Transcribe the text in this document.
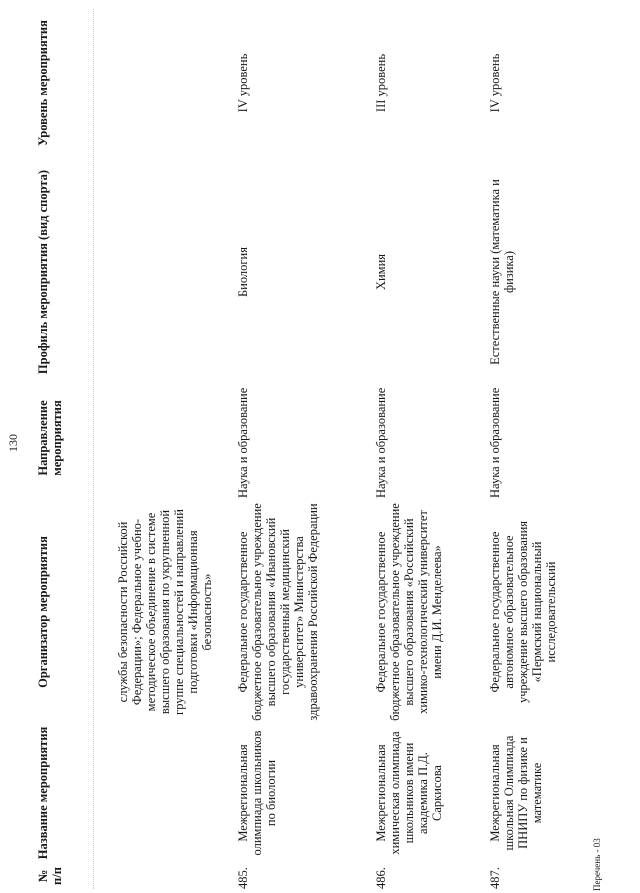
130
№ п/п
Название мероприятия
Организатор мероприятия
Направление мероприятия
Профиль мероприятия (вид спорта)
Уровень мероприятия
службы безопасности Российской Федерации»; Федеральное учебно-методическое объединение в системе высшего образования по укрупненной группе специальностей и направлений подготовки «Информационная безопасность»
485.
Межрегиональная олимпиада школьников по биологии
Федеральное государственное бюджетное образовательное учреждение высшего образования «Ивановский государственный медицинский университет» Министерства здравоохранения Российской Федерации
Наука и образование
Биология
IV уровень
486.
Межрегиональная химическая олимпиада школьников имени академика П.Д. Саркисова
Федеральное государственное бюджетное образовательное учреждение высшего образования «Российский химико-технологический университет имени Д.И. Менделеева»
Наука и образование
Химия
III уровень
487.
Межрегиональная школьная Олимпиада ПНИПУ по физике и математике
Федеральное государственное автономное образовательное учреждение высшего образования «Пермский национальный исследовательский
Наука и образование
Естественные науки (математика и физика)
IV уровень
Перечень - 03
